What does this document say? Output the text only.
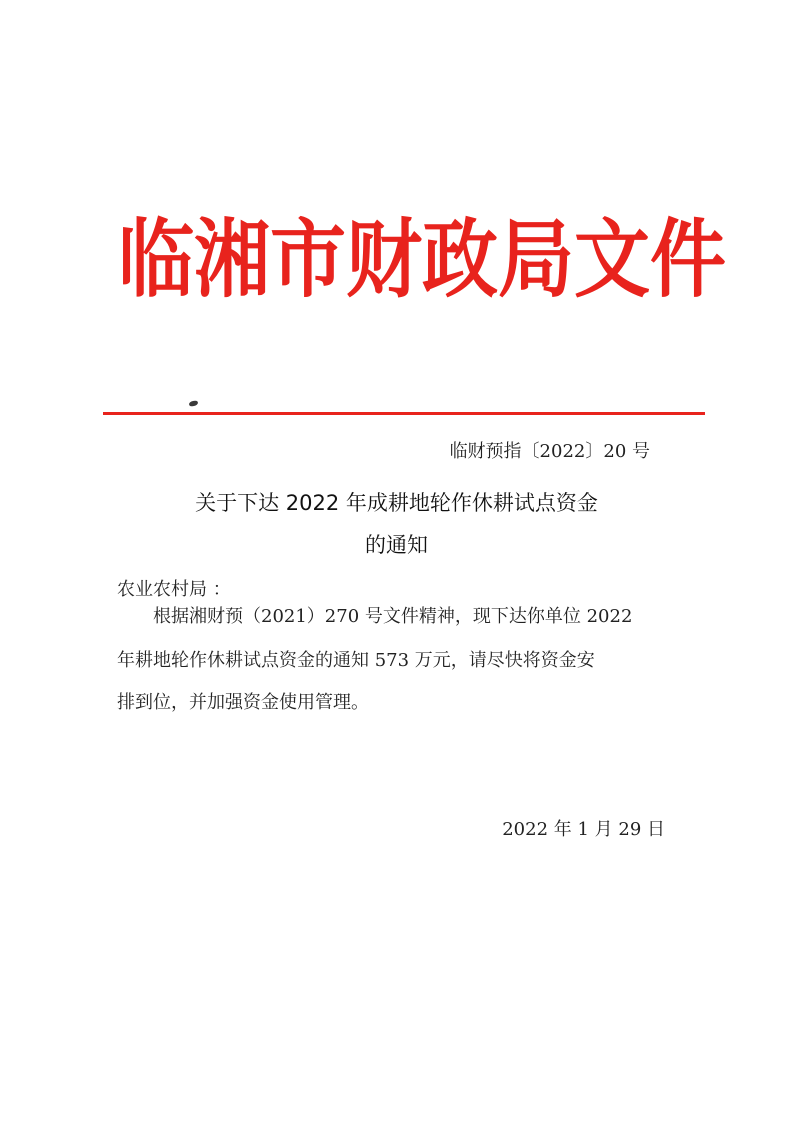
临 湘 市 财 政 局 文 件
临财预指〔2022〕20 号
关于下达 2022 年成耕地轮作休耕试点资金
的通知
农业农村局 ：
根据湘财预（2021）270 号文件精神，现下达你单位 2022
年耕地轮作休耕试点资金的通知 573 万元，请尽快将资金安
排到位，并加强资金使用管理。
2022 年 1 月 29 日
